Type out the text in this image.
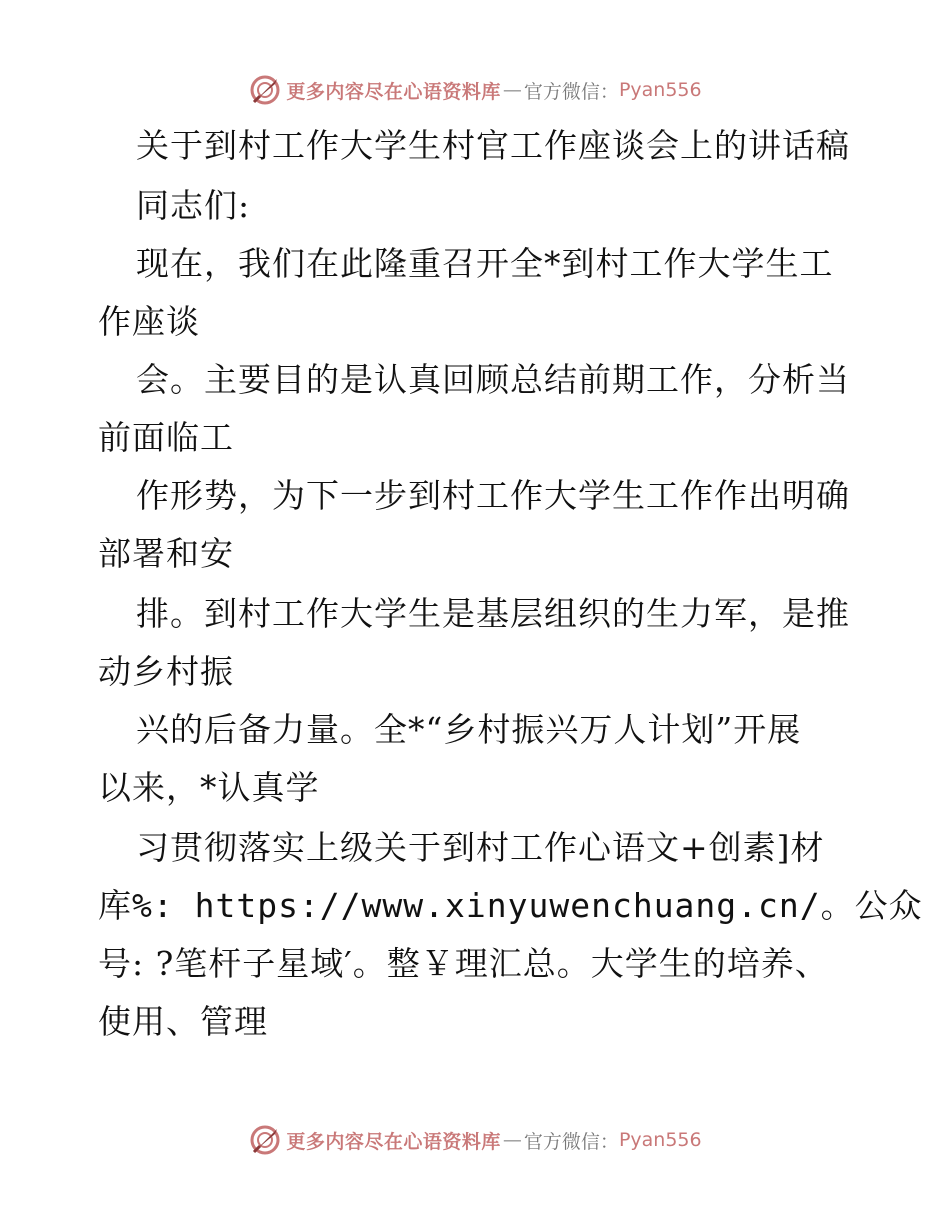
更多内容尽在心语资料库 — 官方微信： Pyan556
关于到村工作大学生村官工作座谈会上的讲话稿
同志们:
现在，我们在此隆重召开全*到村工作大学生工
作座谈
会。主要目的是认真回顾总结前期工作，分析当
前面临工
作形势，为下一步到村工作大学生工作作出明确
部署和安
排。到村工作大学生是基层组织的生力军，是推
动乡村振
兴的后备力量。全*“乡村振兴万人计划”开展
以来，*认真学
习贯彻落实上级关于到村工作心语文+创素]材
库%: https://www.xinyuwenchuang.cn/。公众
号: ?笔杆子星域′。整￥理汇总。大学生的培养、
使用、管理
更多内容尽在心语资料库 — 官方微信： Pyan556
